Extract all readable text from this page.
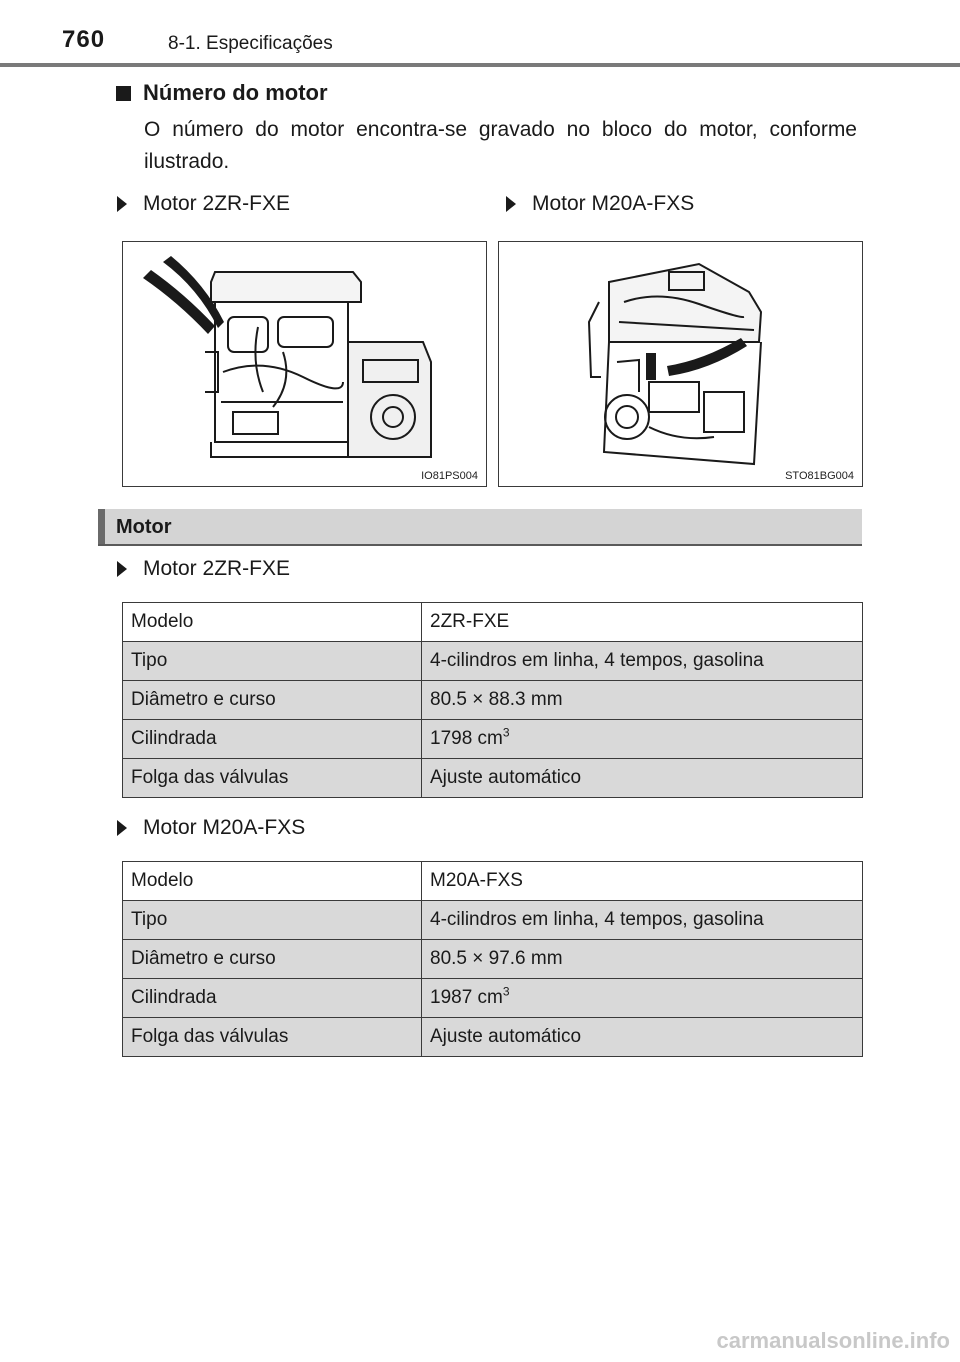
760	8-1. Especificações
Número do motor
O número do motor encontra-se gravado no bloco do motor, conforme ilustrado.
Motor 2ZR-FXE	Motor M20A-FXS
IO81PS004	STO81BG004
Motor
Motor 2ZR-FXE
Modelo	2ZR-FXE
Tipo	4-cilindros em linha, 4 tempos, gasolina
Diâmetro e curso	80.5 × 88.3 mm
Cilindrada	1798 $cm^3$
Folga das válvulas	Ajuste automático
Motor M20A-FXS
Modelo	M20A-FXS
Tipo	4-cilindros em linha, 4 tempos, gasolina
Diâmetro e curso	80.5 × 97.6 mm
Cilindrada	1987 $cm^3$
Folga das válvulas	Ajuste automático
carmanualsonline.info
